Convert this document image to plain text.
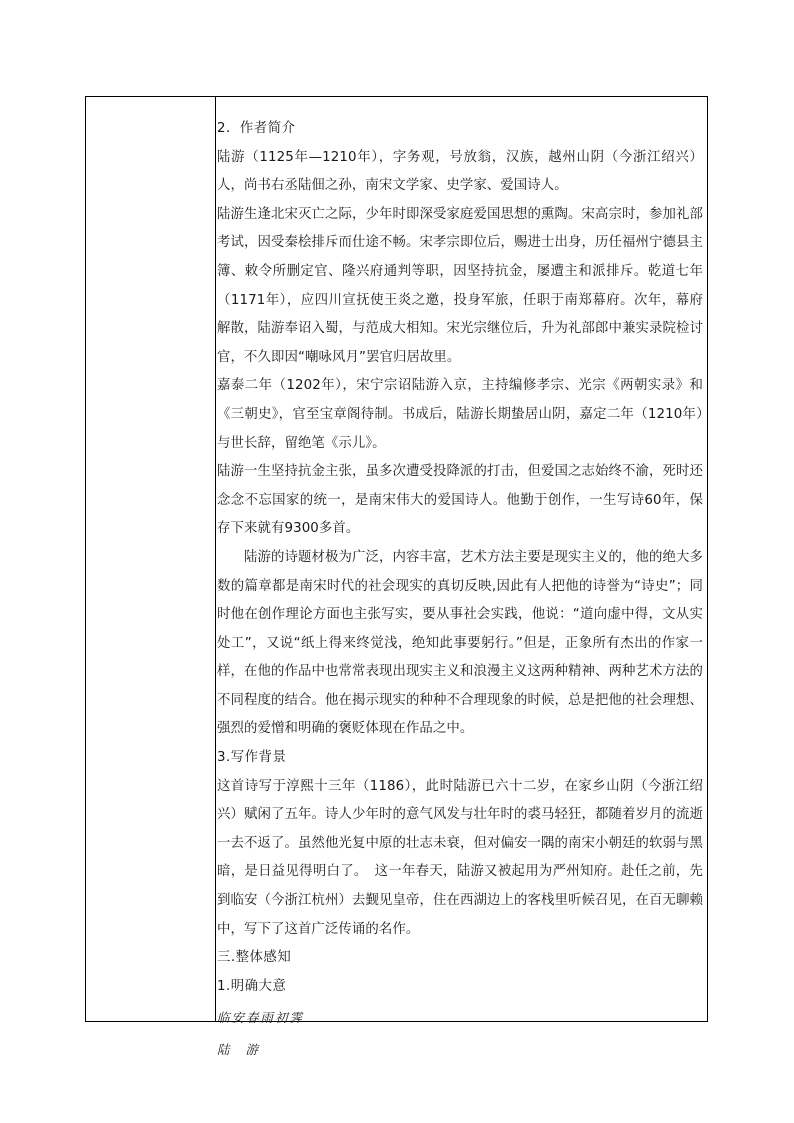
2．作者简介

陆游（1125年—1210年），字务观，号放翁，汉族，越州山阴（今浙江绍兴）人，尚书右丞陆佃之孙，南宋文学家、史学家、爱国诗人。

陆游生逢北宋灭亡之际，少年时即深受家庭爱国思想的熏陶。宋高宗时，参加礼部考试，因受秦桧排斥而仕途不畅。宋孝宗即位后，赐进士出身，历任福州宁德县主簿、敕令所删定官、隆兴府通判等职，因坚持抗金，屡遭主和派排斥。乾道七年（1171年），应四川宣抚使王炎之邀，投身军旅，任职于南郑幕府。次年，幕府解散，陆游奉诏入蜀，与范成大相知。宋光宗继位后，升为礼部郎中兼实录院检讨官，不久即因“嘲咏风月”罢官归居故里。

嘉泰二年（1202年），宋宁宗诏陆游入京，主持编修孝宗、光宗《两朝实录》和《三朝史》，官至宝章阁待制。书成后，陆游长期蛰居山阴，嘉定二年（1210年）与世长辞，留绝笔《示儿》。

陆游一生坚持抗金主张，虽多次遭受投降派的打击，但爱国之志始终不渝，死时还念念不忘国家的统一，是南宋伟大的爱国诗人。他勤于创作，一生写诗60年，保存下来就有9300多首。

陆游的诗题材极为广泛，内容丰富，艺术方法主要是现实主义的，他的绝大多数的篇章都是南宋时代的社会现实的真切反映,因此有人把他的诗誉为“诗史”；同时他在创作理论方面也主张写实，要从事社会实践，他说：“道向虚中得，文从实处工”，又说“纸上得来终觉浅，绝知此事要躬行。”但是，正象所有杰出的作家一样，在他的作品中也常常表现出现实主义和浪漫主义这两种精神、两种艺术方法的不同程度的结合。他在揭示现实的种种不合理现象的时候，总是把他的社会理想、强烈的爱憎和明确的褒贬体现在作品之中。

3.写作背景

这首诗写于淳熙十三年（1186），此时陆游已六十二岁，在家乡山阴（今浙江绍兴）赋闲了五年。诗人少年时的意气风发与壮年时的裘马轻狂，都随着岁月的流逝一去不返了。虽然他光复中原的壮志未衰，但对偏安一隅的南宋小朝廷的软弱与黑暗，是日益见得明白了。　这一年春天，陆游又被起用为严州知府。赴任之前，先到临安（今浙江杭州）去觐见皇帝，住在西湖边上的客栈里听候召见，在百无聊赖中，写下了这首广泛传诵的名作。

三.整体感知

1.明确大意

临安春雨初霁

陆游
